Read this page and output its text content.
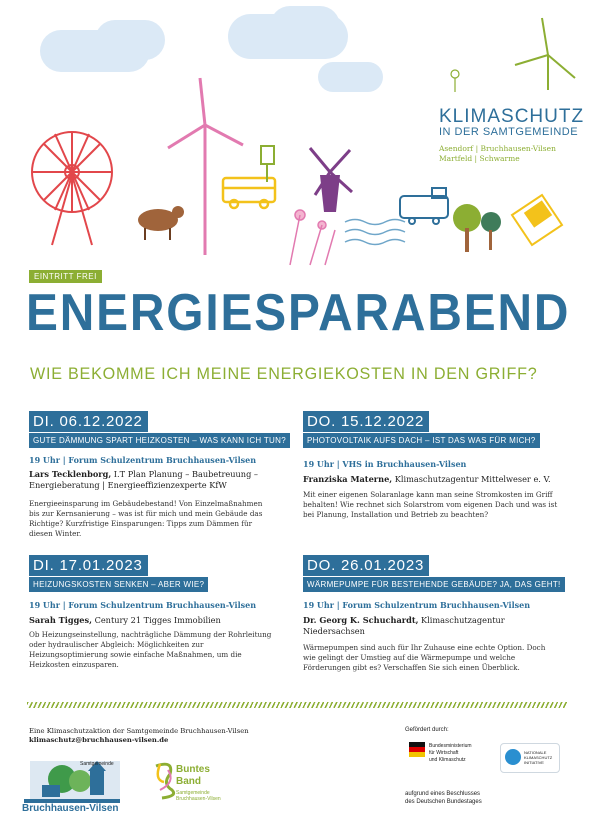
KLIMASCHUTZ
IN DER SAMTGEMEINDE
Asendorf | Bruchhausen-Vilsen
Martfeld | Schwarme
EINTRITT FREI
ENERGIESPARABEND
WIE BEKOMME ICH MEINE ENERGIEKOSTEN IN DEN GRIFF?
DI. 06.12.2022
GUTE DÄMMUNG SPART HEIZKOSTEN – WAS KANN ICH TUN?
19 Uhr | Forum Schulzentrum Bruchhausen-Vilsen
Lars Tecklenborg, I.T Plan Planung – Baubetreuung – Energieberatung | Energieeffizienzexperte KfW
Energieeinsparung im Gebäudebestand! Von Einzelmaßnahmen bis zur Kernsanierung – was ist für mich und mein Gebäude das Richtige? Kurzfristige Einsparungen: Tipps zum Dämmen für diesen Winter.
DO. 15.12.2022
PHOTOVOLTAIK AUFS DACH – IST DAS WAS FÜR MICH?
19 Uhr | VHS in Bruchhausen-Vilsen
Franziska Materne, Klimaschutzagentur Mittelweser e. V.
Mit einer eigenen Solaranlage kann man seine Stromkosten im Griff behalten! Wie rechnet sich Solarstrom vom eigenen Dach und was ist bei Planung, Installation und Betrieb zu beachten?
DI. 17.01.2023
HEIZUNGSKOSTEN SENKEN – ABER WIE?
19 Uhr | Forum Schulzentrum Bruchhausen-Vilsen
Sarah Tigges, Century 21 Tigges Immobilien
Ob Heizungseinstellung, nachträgliche Dämmung der Rohrleitung oder hydraulischer Abgleich: Möglichkeiten zur Heizungsoptimierung sowie einfache Maßnahmen, um die Heizkosten einzusparen.
DO. 26.01.2023
WÄRMEPUMPE FÜR BESTEHENDE GEBÄUDE? JA, DAS GEHT!
19 Uhr | Forum Schulzentrum Bruchhausen-Vilsen
Dr. Georg K. Schuchardt, Klimaschutzagentur Niedersachsen
Wärmepumpen sind auch für Ihr Zuhause eine echte Option. Doch wie gelingt der Umstieg auf die Wärmepumpe und welche Förderungen gibt es? Verschaffen Sie sich einen Überblick.
Eine Klimaschutzaktion der Samtgemeinde Bruchhausen-Vilsen
klimaschutz@bruchhausen-vilsen.de
Samtgemeinde
Bruchhausen-Vilsen
Buntes
Band
Samtgemeinde Bruchhausen-Vilsen
Gefördert durch:
Bundesministerium
für Wirtschaft
und Klimaschutz
NATIONALE
KLIMASCHUTZ
INITIATIVE
aufgrund eines Beschlusses
des Deutschen Bundestages
